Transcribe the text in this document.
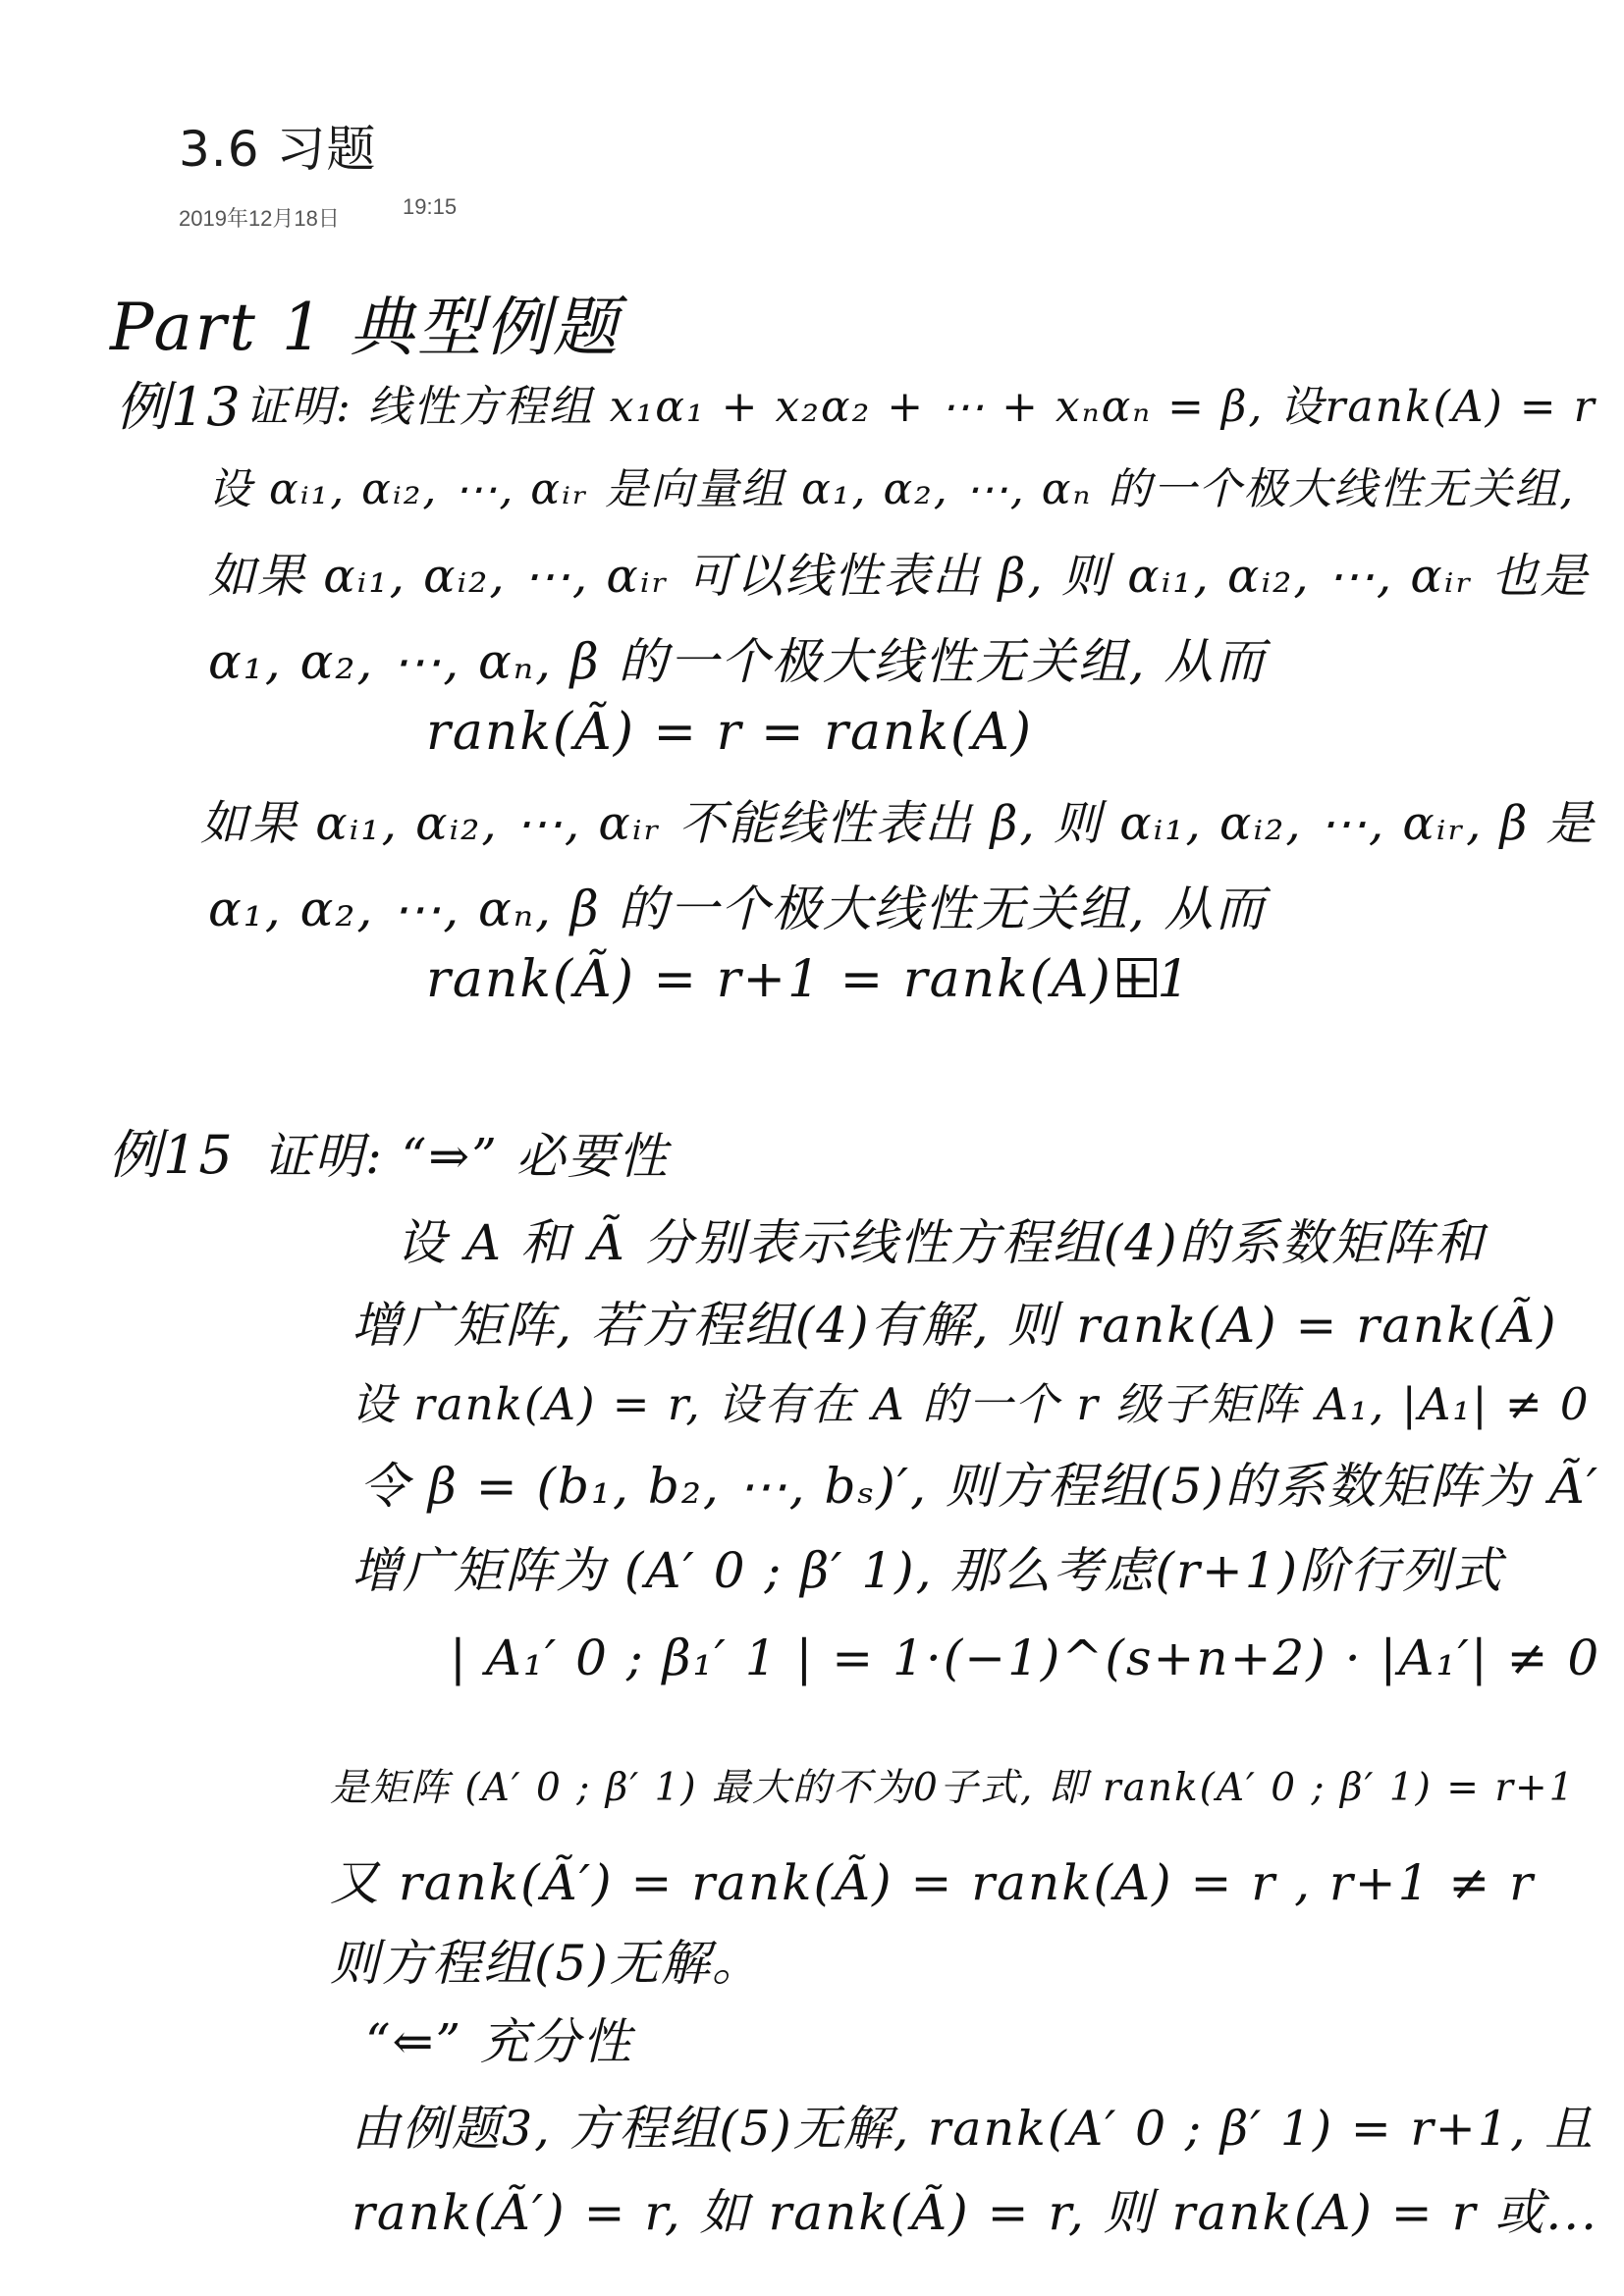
3.6 习题
2019年12月18日	19:15
Part 1 典型例题
例13 证明: 线性方程组 x₁α₁ + x₂α₂ + ⋯ + xₙαₙ = β, 设rank(A) = r
设 αᵢ₁, αᵢ₂, ⋯, αᵢᵣ 是向量组 α₁, α₂, ⋯, αₙ 的一个极大线性无关组,
如果 αᵢ₁, αᵢ₂, ⋯, αᵢᵣ 可以线性表出 β, 则 αᵢ₁, αᵢ₂, ⋯, αᵢᵣ 也是
α₁, α₂, ⋯, αₙ, β 的一个极大线性无关组, 从而
rank(Ã) = r = rank(A)
如果 αᵢ₁, αᵢ₂, ⋯, αᵢᵣ 不能线性表出 β, 则 αᵢ₁, αᵢ₂, ⋯, αᵢᵣ, β 是
α₁, α₂, ⋯, αₙ, β 的一个极大线性无关组, 从而
rank(Ã) = r+1 = rank(A)+1
例15 证明: “⇒” 必要性
设 A 和 Ã 分别表示线性方程组(4)的系数矩阵和
增广矩阵, 若方程组(4)有解, 则 rank(A) = rank(Ã)
设 rank(A) = r, 设有在 A 的一个 r 级子矩阵 A₁, |A₁| ≠ 0
令 β = (b₁, b₂, ⋯, bₛ)′, 则方程组(5)的系数矩阵为 Ã′
增广矩阵为 (A′ 0 ; β′ 1), 那么考虑(r+1)阶行列式
| A₁′ 0 ; β₁′ 1 | = 1·(−1)^(s+n+2) · |A₁′| ≠ 0
是矩阵 (A′ 0 ; β′ 1) 最大的不为0子式, 即 rank(A′ 0 ; β′ 1) = r+1
又 rank(Ã′) = rank(Ã) = rank(A) = r , r+1 ≠ r
则方程组(5)无解。
“⇐” 充分性
由例题3, 方程组(5)无解, rank(A′ 0 ; β′ 1) = r+1, 且
rank(Ã′) = r, 如 rank(Ã) = r, 则 rank(A) = r 或...
